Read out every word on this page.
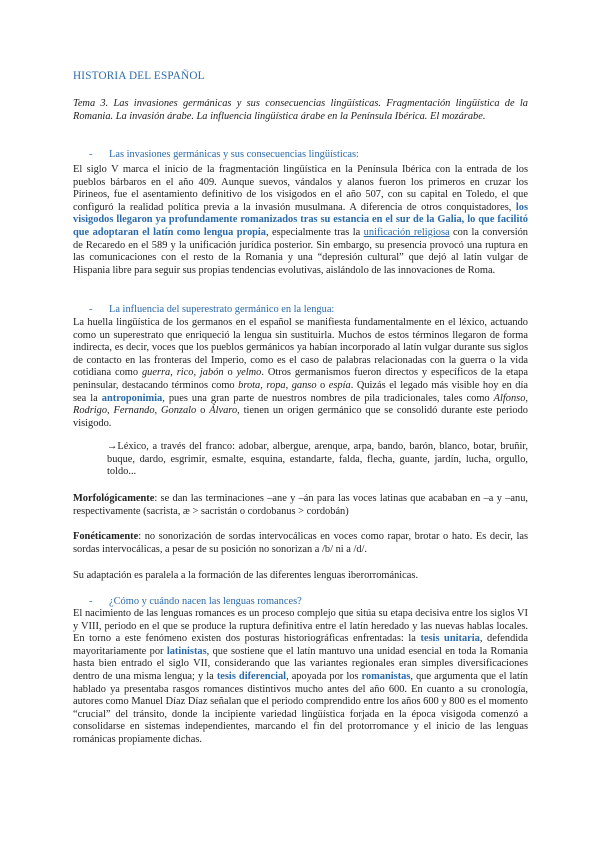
HISTORIA DEL ESPAÑOL
Tema 3. Las invasiones germánicas y sus consecuencias lingüísticas. Fragmentación lingüística de la Romania. La invasión árabe. La influencia lingüística árabe en la Península Ibérica. El mozárabe.
- Las invasiones germánicas y sus consecuencias lingüísticas:
El siglo V marca el inicio de la fragmentación lingüística en la Península Ibérica con la entrada de los pueblos bárbaros en el año 409. Aunque suevos, vándalos y alanos fueron los primeros en cruzar los Pirineos, fue el asentamiento definitivo de los visigodos en el año 507, con su capital en Toledo, el que configuró la realidad política previa a la invasión musulmana. A diferencia de otros conquistadores, los visigodos llegaron ya profundamente romanizados tras su estancia en el sur de la Galia, lo que facilitó que adoptaran el latín como lengua propia, especialmente tras la unificación religiosa con la conversión de Recaredo en el 589 y la unificación jurídica posterior. Sin embargo, su presencia provocó una ruptura en las comunicaciones con el resto de la Romania y una “depresión cultural” que dejó al latín vulgar de Hispania libre para seguir sus propias tendencias evolutivas, aislándolo de las innovaciones de Roma.
- La influencia del superestrato germánico en la lengua:
La huella lingüística de los germanos en el español se manifiesta fundamentalmente en el léxico, actuando como un superestrato que enriqueció la lengua sin sustituirla. Muchos de estos términos llegaron de forma indirecta, es decir, voces que los pueblos germánicos ya habían incorporado al latín vulgar durante sus siglos de contacto en las fronteras del Imperio, como es el caso de palabras relacionadas con la guerra o la vida cotidiana como guerra, rico, jabón o yelmo. Otros germanismos fueron directos y específicos de la etapa peninsular, destacando términos como brota, ropa, ganso o espía. Quizás el legado más visible hoy en día sea la antroponimia, pues una gran parte de nuestros nombres de pila tradicionales, tales como Alfonso, Rodrigo, Fernando, Gonzalo o Álvaro, tienen un origen germánico que se consolidó durante este periodo visigodo.
→Léxico, a través del franco: adobar, albergue, arenque, arpa, bando, barón, blanco, botar, bruñir, buque, dardo, esgrimir, esmalte, esquina, estandarte, falda, flecha, guante, jardín, lucha, orgullo, toldo...
Morfológicamente: se dan las terminaciones –ane y –án para las voces latinas que acababan en –a y –anu, respectivamente (sacrista, æ > sacristán o cordobanus > cordobán)
Fonéticamente: no sonorización de sordas intervocálicas en voces como rapar, brotar o hato. Es decir, las sordas intervocálicas, a pesar de su posición no sonorizan a /b/ ni a /d/.
Su adaptación es paralela a la formación de las diferentes lenguas iberorrománicas.
- ¿Cómo y cuándo nacen las lenguas romances?
El nacimiento de las lenguas romances es un proceso complejo que sitúa su etapa decisiva entre los siglos VI y VIII, periodo en el que se produce la ruptura definitiva entre el latín heredado y las nuevas hablas locales. En torno a este fenómeno existen dos posturas historiográficas enfrentadas: la tesis unitaria, defendida mayoritariamente por latinistas, que sostiene que el latín mantuvo una unidad esencial en toda la Romania hasta bien entrado el siglo VII, considerando que las variantes regionales eran simples diversificaciones dentro de una misma lengua; y la tesis diferencial, apoyada por los romanistas, que argumenta que el latín hablado ya presentaba rasgos romances distintivos mucho antes del año 600. En cuanto a su cronología, autores como Manuel Díaz Díaz señalan que el periodo comprendido entre los años 600 y 800 es el momento “crucial” del tránsito, donde la incipiente variedad lingüística forjada en la época visigoda comenzó a consolidarse en sistemas independientes, marcando el fin del protorromance y el inicio de las lenguas románicas propiamente dichas.
